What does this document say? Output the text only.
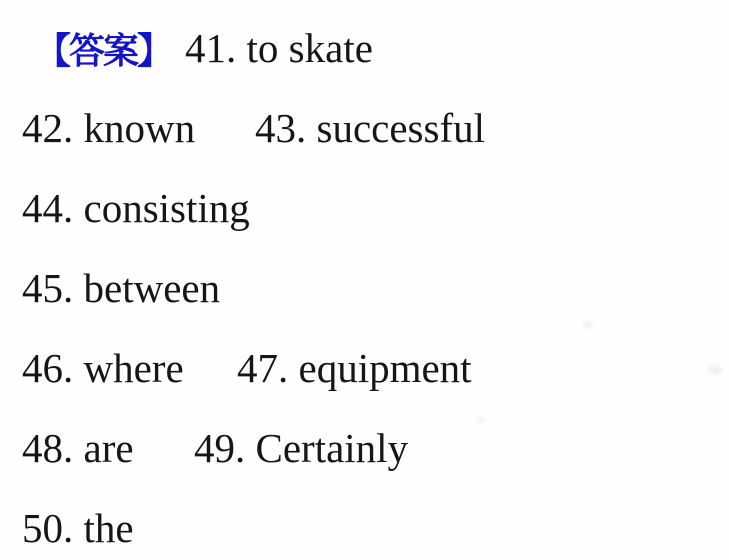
【答案】 41. to skate
42. known	43. successful
44. consisting
45. between
46. where	47. equipment
48. are	49. Certainly
50. the
